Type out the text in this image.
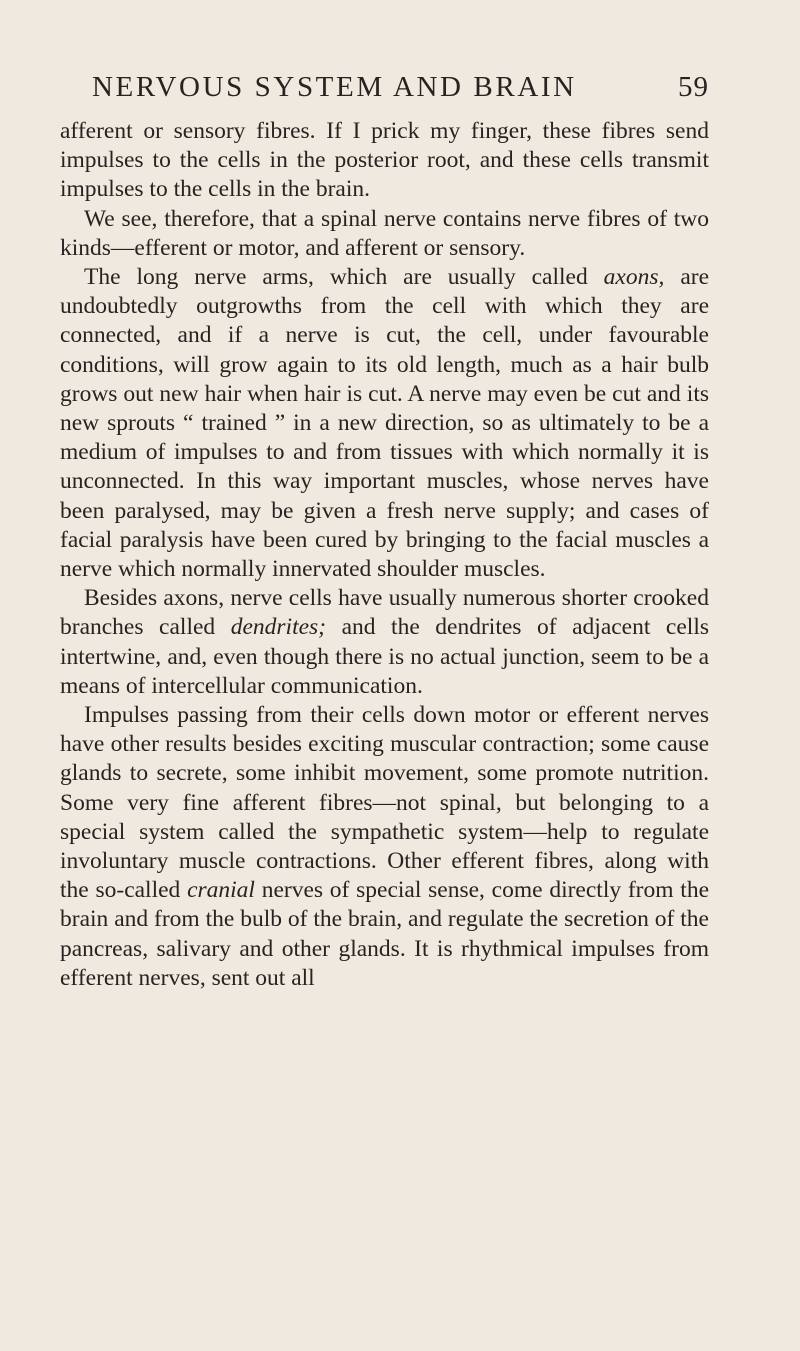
NERVOUS SYSTEM AND BRAIN	59

afferent or sensory fibres. If I prick my finger, these fibres send impulses to the cells in the posterior root, and these cells transmit impulses to the cells in the brain.

We see, therefore, that a spinal nerve contains nerve fibres of two kinds—efferent or motor, and afferent or sensory.

The long nerve arms, which are usually called axons, are undoubtedly outgrowths from the cell with which they are connected, and if a nerve is cut, the cell, under favourable conditions, will grow again to its old length, much as a hair bulb grows out new hair when hair is cut. A nerve may even be cut and its new sprouts “ trained ” in a new direction, so as ultimately to be a medium of impulses to and from tissues with which normally it is unconnected. In this way important muscles, whose nerves have been paralysed, may be given a fresh nerve supply; and cases of facial paralysis have been cured by bringing to the facial muscles a nerve which normally innervated shoulder muscles.

Besides axons, nerve cells have usually numerous shorter crooked branches called dendrites; and the dendrites of adjacent cells intertwine, and, even though there is no actual junction, seem to be a means of intercellular communication.

Impulses passing from their cells down motor or efferent nerves have other results besides exciting muscular contraction; some cause glands to secrete, some inhibit movement, some promote nutrition. Some very fine afferent fibres—not spinal, but belonging to a special system called the sympathetic system—help to regulate involuntary muscle contractions. Other efferent fibres, along with the so-called cranial nerves of special sense, come directly from the brain and from the bulb of the brain, and regulate the secretion of the pancreas, salivary and other glands. It is rhythmical impulses from efferent nerves, sent out all
